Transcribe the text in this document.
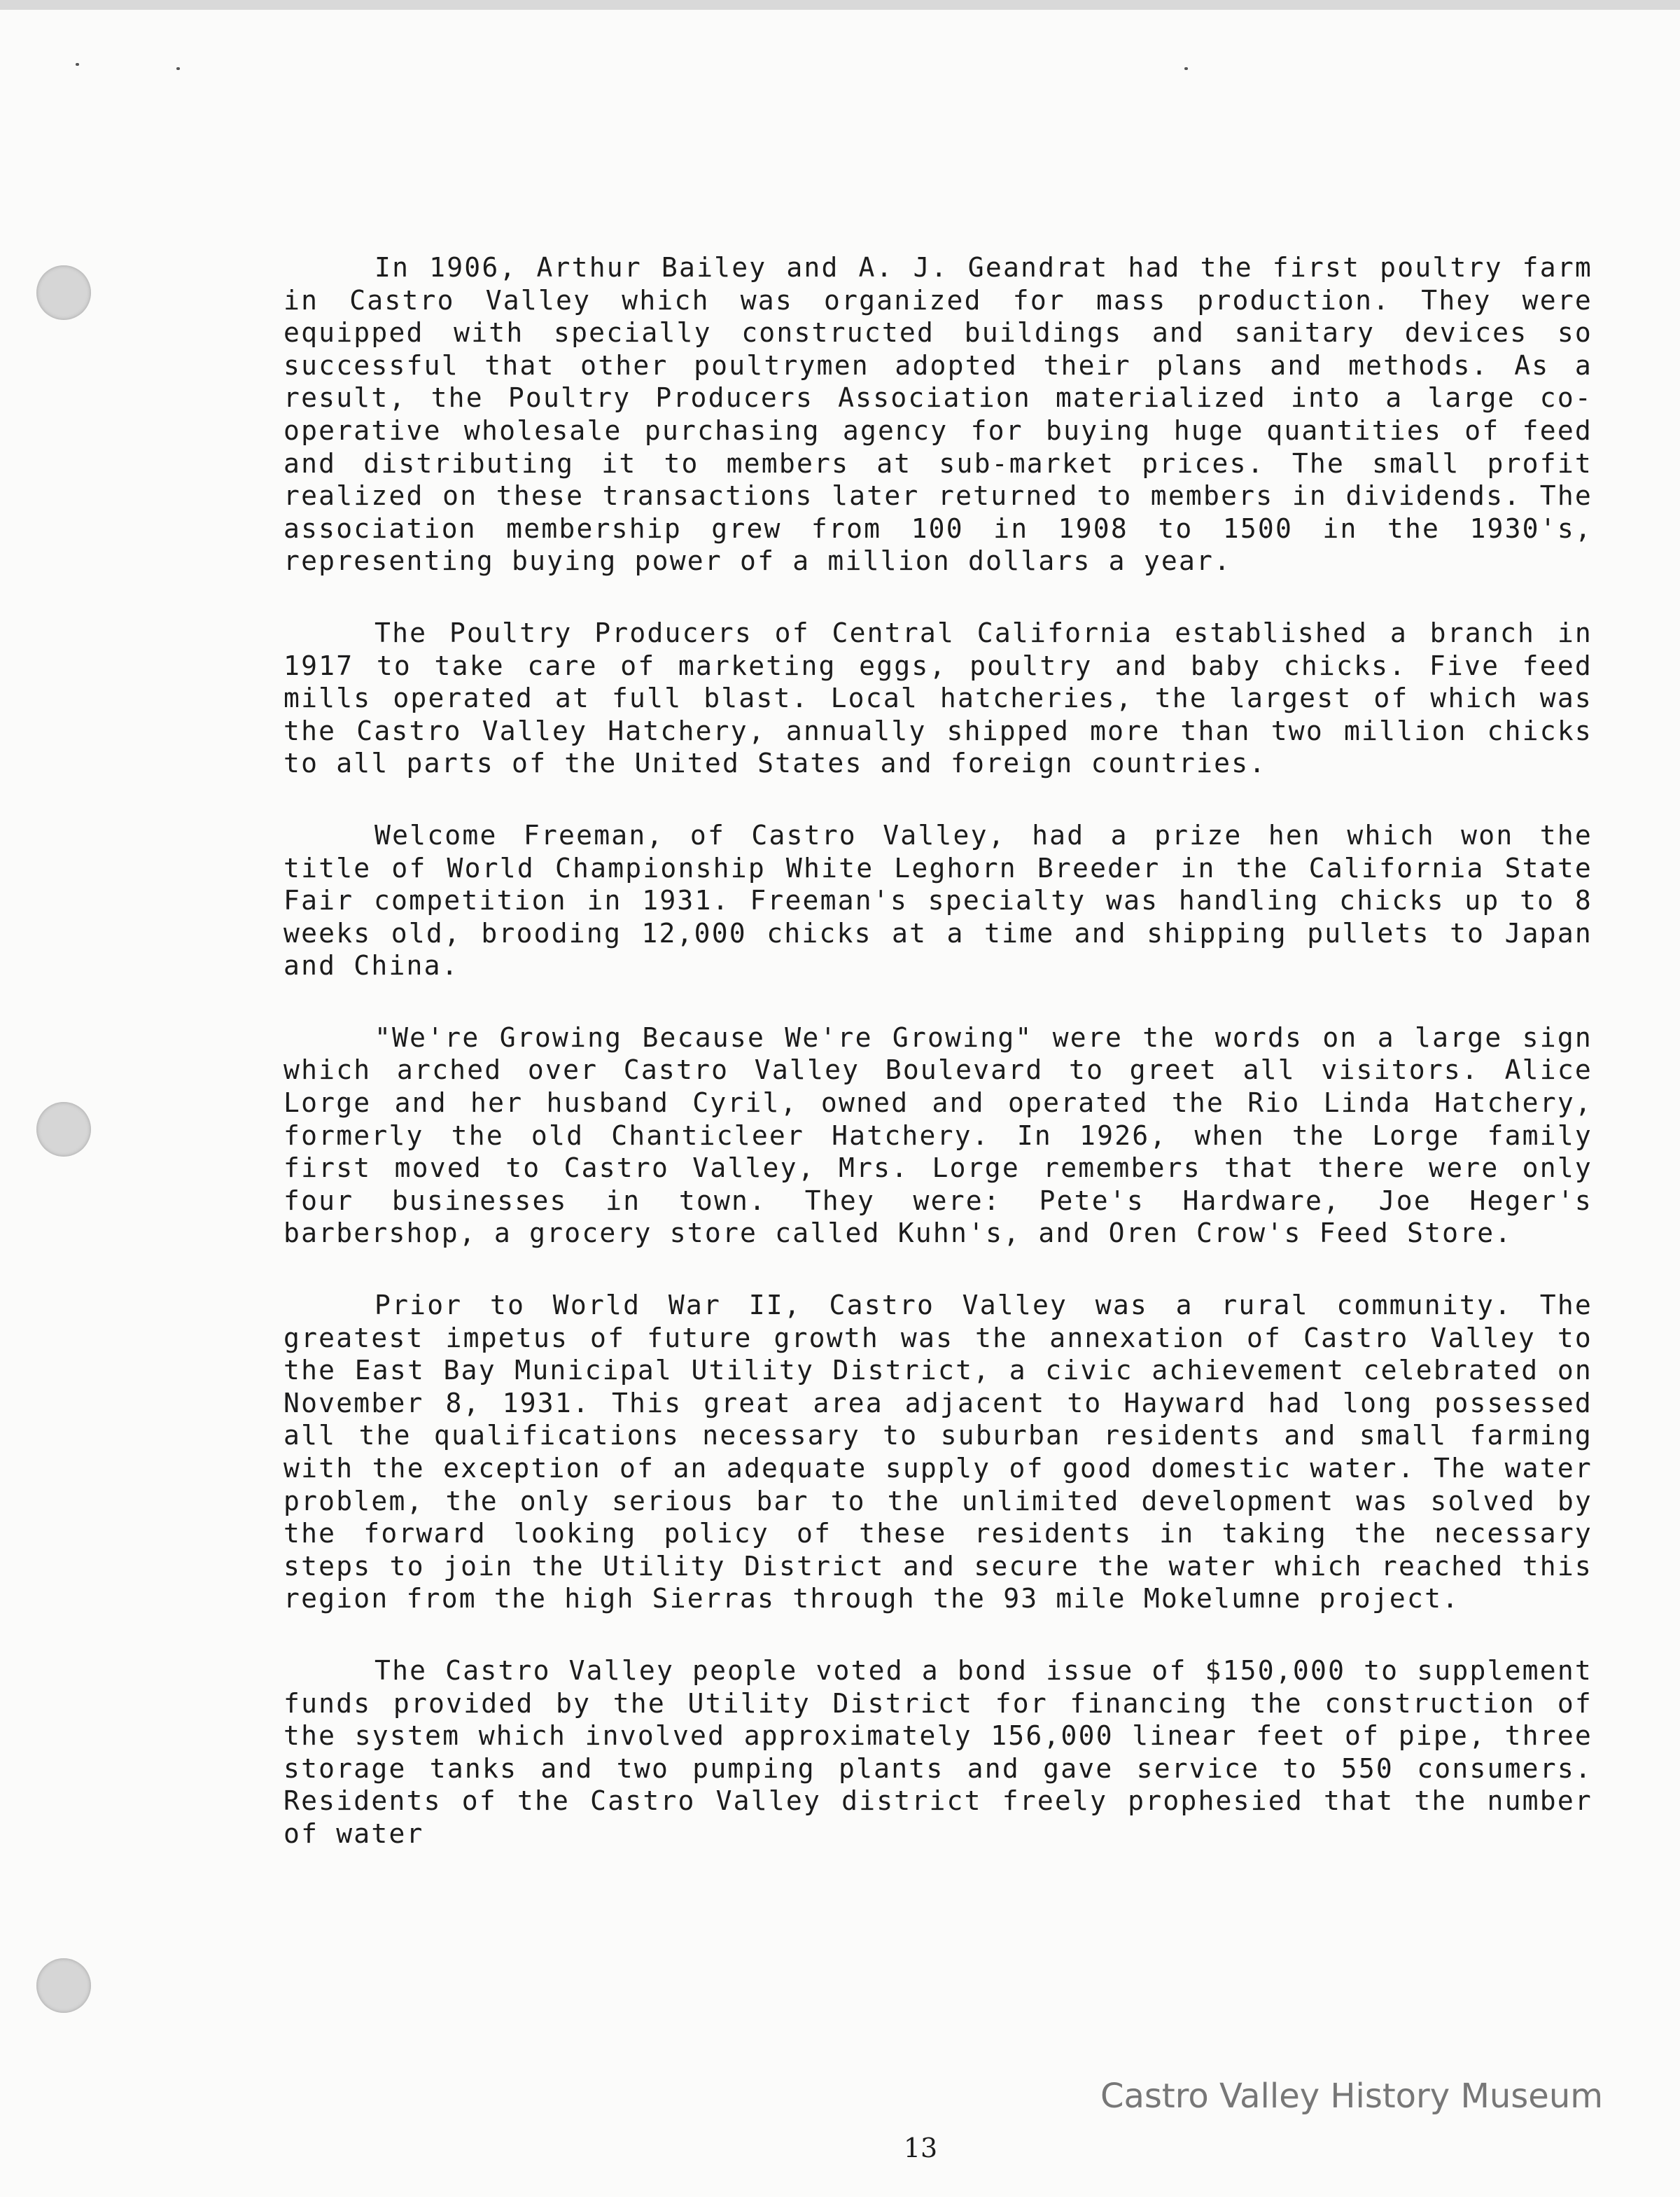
In 1906, Arthur Bailey and A. J. Geandrat had the first poultry farm in Castro Valley which was organized for mass production. They were equipped with specially constructed buildings and sanitary devices so successful that other poultrymen adopted their plans and methods. As a result, the Poultry Producers Association materialized into a large co-operative wholesale purchasing agency for buying huge quantities of feed and distributing it to members at sub-market prices. The small profit realized on these transactions later returned to members in dividends. The association membership grew from 100 in 1908 to 1500 in the 1930's, representing buying power of a million dollars a year.

The Poultry Producers of Central California established a branch in 1917 to take care of marketing eggs, poultry and baby chicks. Five feed mills operated at full blast. Local hatcheries, the largest of which was the Castro Valley Hatchery, annually shipped more than two million chicks to all parts of the United States and foreign countries.

Welcome Freeman, of Castro Valley, had a prize hen which won the title of World Championship White Leghorn Breeder in the California State Fair competition in 1931. Freeman's specialty was handling chicks up to 8 weeks old, brooding 12,000 chicks at a time and shipping pullets to Japan and China.

"We're Growing Because We're Growing" were the words on a large sign which arched over Castro Valley Boulevard to greet all visitors. Alice Lorge and her husband Cyril, owned and operated the Rio Linda Hatchery, formerly the old Chanticleer Hatchery. In 1926, when the Lorge family first moved to Castro Valley, Mrs. Lorge remembers that there were only four businesses in town. They were: Pete's Hardware, Joe Heger's barbershop, a grocery store called Kuhn's, and Oren Crow's Feed Store.

Prior to World War II, Castro Valley was a rural community. The greatest impetus of future growth was the annexation of Castro Valley to the East Bay Municipal Utility District, a civic achievement celebrated on November 8, 1931. This great area adjacent to Hayward had long possessed all the qualifications necessary to suburban residents and small farming with the exception of an adequate supply of good domestic water. The water problem, the only serious bar to the unlimited development was solved by the forward looking policy of these residents in taking the necessary steps to join the Utility District and secure the water which reached this region from the high Sierras through the 93 mile Mokelumne project.

The Castro Valley people voted a bond issue of $150,000 to supplement funds provided by the Utility District for financing the construction of the system which involved approximately 156,000 linear feet of pipe, three storage tanks and two pumping plants and gave service to 550 consumers. Residents of the Castro Valley district freely prophesied that the number of water

Castro Valley History Museum
13
